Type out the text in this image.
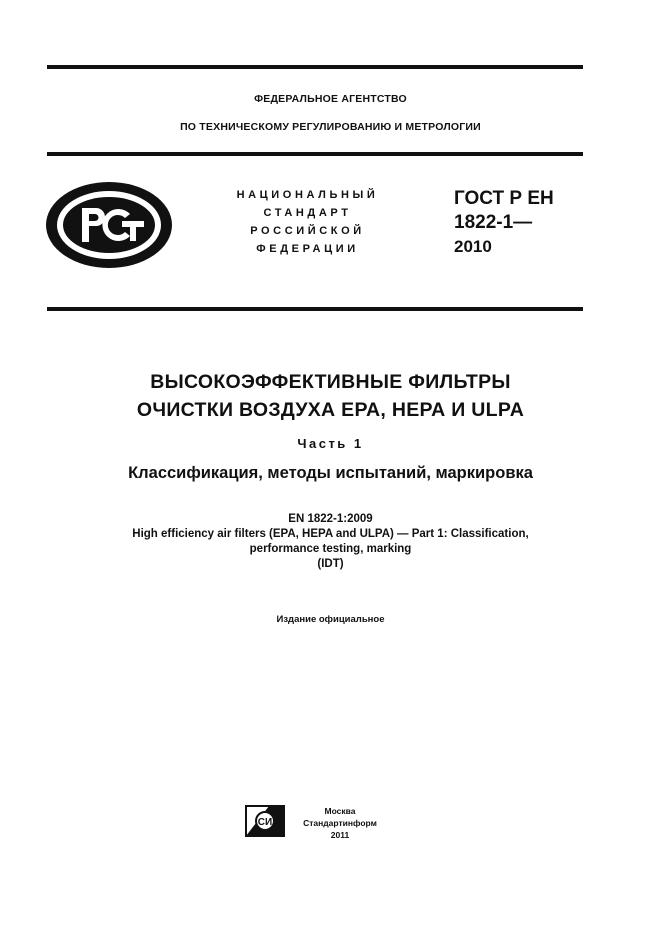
ФЕДЕРАЛЬНОЕ АГЕНТСТВО
ПО ТЕХНИЧЕСКОМУ РЕГУЛИРОВАНИЮ И МЕТРОЛОГИИ
НАЦИОНАЛЬНЫЙ
СТАНДАРТ
РОССИЙСКОЙ
ФЕДЕРАЦИИ
ГОСТ Р ЕН
1822-1—
2010
ВЫСОКОЭФФЕКТИВНЫЕ ФИЛЬТРЫ
ОЧИСТКИ ВОЗДУХА ЕРА, НЕРА И ULPA
Часть 1
Классификация, методы испытаний, маркировка
EN 1822-1:2009
High efficiency air filters (EPA, HEPA and ULPA) — Part 1: Classification,
performance testing, marking
(IDT)
Издание официальное
СИ
Москва
Стандартинформ
2011
